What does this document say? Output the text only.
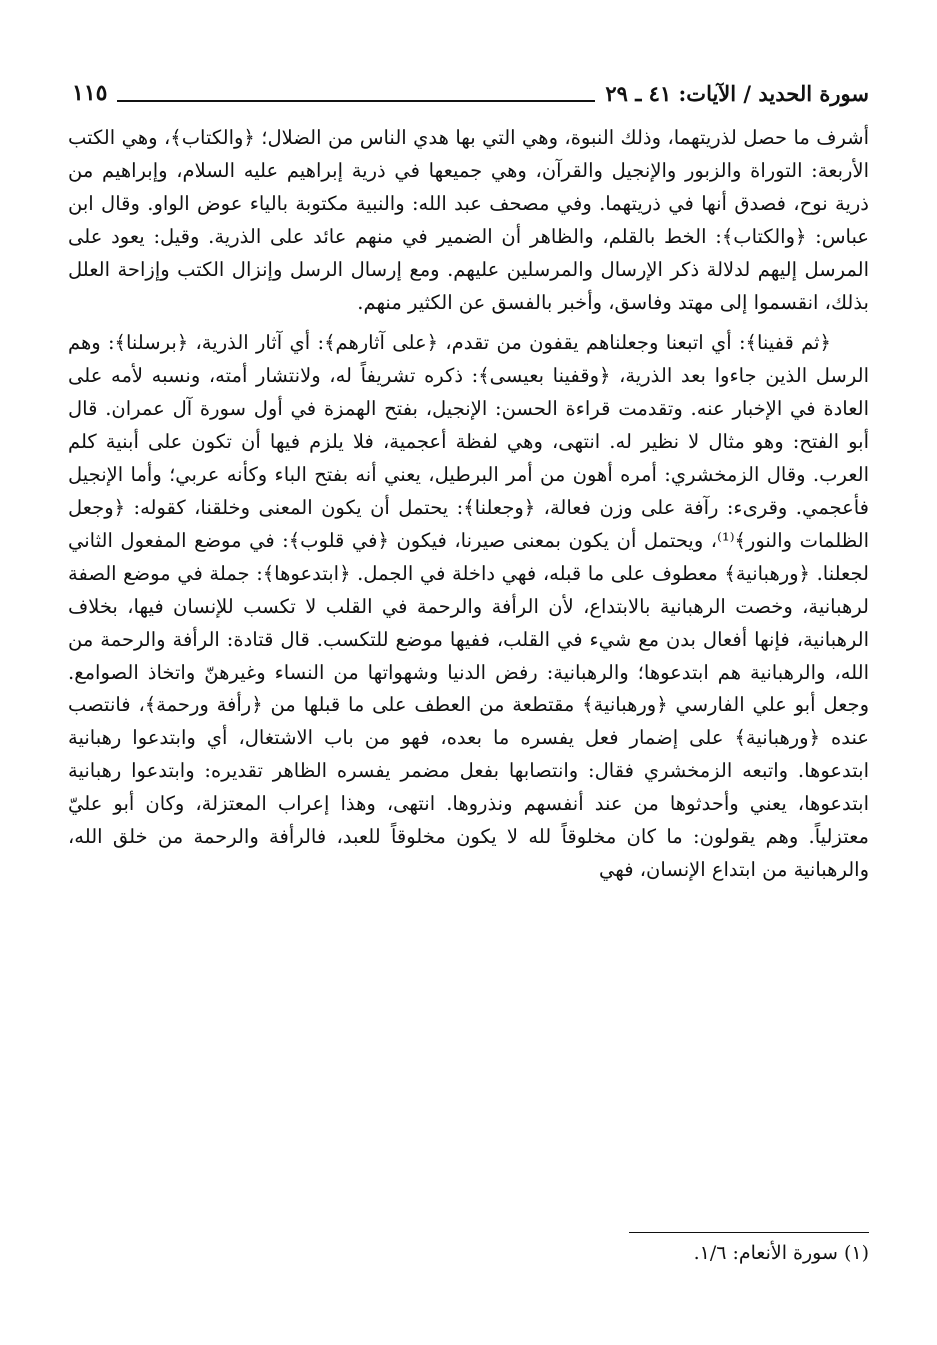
سورة الحديد / الآيات: ٤١ ـ ٢٩
١١٥

أشرف ما حصل لذريتهما، وذلك النبوة، وهي التي بها هدي الناس من الضلال؛ ﴿والكتاب﴾، وهي الكتب الأربعة: التوراة والزبور والإنجيل والقرآن، وهي جميعها في ذرية إبراهيم عليه السلام، وإبراهيم من ذرية نوح، فصدق أنها في ذريتهما. وفي مصحف عبد الله: والنبية مكتوبة بالياء عوض الواو. وقال ابن عباس: ﴿والكتاب﴾: الخط بالقلم، والظاهر أن الضمير في منهم عائد على الذرية. وقيل: يعود على المرسل إليهم لدلالة ذكر الإرسال والمرسلين عليهم. ومع إرسال الرسل وإنزال الكتب وإزاحة العلل بذلك، انقسموا إلى مهتد وفاسق، وأخبر بالفسق عن الكثير منهم.

﴿ثم قفينا﴾: أي اتبعنا وجعلناهم يقفون من تقدم، ﴿على آثارهم﴾: أي آثار الذرية، ﴿برسلنا﴾: وهم الرسل الذين جاءوا بعد الذرية، ﴿وقفينا بعيسى﴾: ذكره تشريفاً له، ولانتشار أمته، ونسبه لأمه على العادة في الإخبار عنه. وتقدمت قراءة الحسن: الإنجيل، بفتح الهمزة في أول سورة آل عمران. قال أبو الفتح: وهو مثال لا نظير له. انتهى، وهي لفظة أعجمية، فلا يلزم فيها أن تكون على أبنية كلم العرب. وقال الزمخشري: أمره أهون من أمر البرطيل، يعني أنه بفتح الباء وكأنه عربي؛ وأما الإنجيل فأعجمي. وقرىء: رآفة على وزن فعالة، ﴿وجعلنا﴾: يحتمل أن يكون المعنى وخلقنا، كقوله: ﴿وجعل الظلمات والنور﴾⁽¹⁾، ويحتمل أن يكون بمعنى صيرنا، فيكون ﴿في قلوب﴾: في موضع المفعول الثاني لجعلنا. ﴿ورهبانية﴾ معطوف على ما قبله، فهي داخلة في الجمل. ﴿ابتدعوها﴾: جملة في موضع الصفة لرهبانية، وخصت الرهبانية بالابتداع، لأن الرأفة والرحمة في القلب لا تكسب للإنسان فيها، بخلاف الرهبانية، فإنها أفعال بدن مع شيء في القلب، ففيها موضع للتكسب. قال قتادة: الرأفة والرحمة من الله، والرهبانية هم ابتدعوها؛ والرهبانية: رفض الدنيا وشهواتها من النساء وغيرهنّ واتخاذ الصوامع. وجعل أبو علي الفارسي ﴿ورهبانية﴾ مقتطعة من العطف على ما قبلها من ﴿رأفة ورحمة﴾، فانتصب عنده ﴿ورهبانية﴾ على إضمار فعل يفسره ما بعده، فهو من باب الاشتغال، أي وابتدعوا رهبانية ابتدعوها. واتبعه الزمخشري فقال: وانتصابها بفعل مضمر يفسره الظاهر تقديره: وابتدعوا رهبانية ابتدعوها، يعني وأحدثوها من عند أنفسهم ونذروها. انتهى، وهذا إعراب المعتزلة، وكان أبو عليّ معتزلياً. وهم يقولون: ما كان مخلوقاً لله لا يكون مخلوقاً للعبد، فالرأفة والرحمة من خلق الله، والرهبانية من ابتداع الإنسان، فهي

(١) سورة الأنعام: ١/٦.
